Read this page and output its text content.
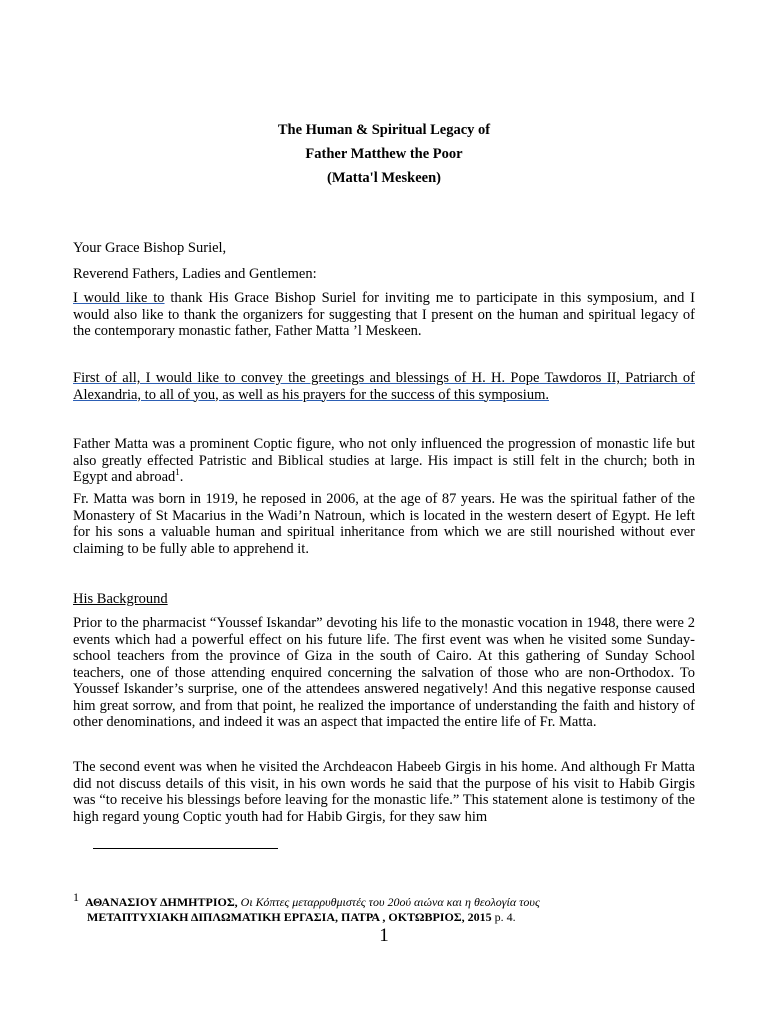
The Human & Spiritual Legacy of
Father Matthew the Poor
(Matta'l Meskeen)
Your Grace Bishop Suriel,
Reverend Fathers, Ladies and Gentlemen:

I would like to thank His Grace Bishop Suriel for inviting me to participate in this symposium, and I would also like to thank the organizers for suggesting that I present on the human and spiritual legacy of the contemporary monastic father, Father Matta ’l Meskeen.

First of all, I would like to convey the greetings and blessings of H. H. Pope Tawdoros II, Patriarch of Alexandria, to all of you, as well as his prayers for the success of this symposium.

Father Matta was a prominent Coptic figure, who not only influenced the progression of monastic life but also greatly effected Patristic and Biblical studies at large. His impact is still felt in the church; both in Egypt and abroad$^1$.

Fr. Matta was born in 1919, he reposed in 2006, at the age of 87 years. He was the spiritual father of the Monastery of St Macarius in the Wadi’n Natroun, which is located in the western desert of Egypt. He left for his sons a valuable human and spiritual inheritance from which we are still nourished without ever claiming to be fully able to apprehend it.

His Background

Prior to the pharmacist “Youssef Iskandar” devoting his life to the monastic vocation in 1948, there were 2 events which had a powerful effect on his future life. The first event was when he visited some Sunday-school teachers from the province of Giza in the south of Cairo. At this gathering of Sunday School teachers, one of those attending enquired concerning the salvation of those who are non-Orthodox. To Youssef Iskander’s surprise, one of the attendees answered negatively! And this negative response caused him great sorrow, and from that point, he realized the importance of understanding the faith and history of other denominations, and indeed it was an aspect that impacted the entire life of Fr. Matta.

The second event was when he visited the Archdeacon Habeeb Girgis in his home. And although Fr Matta did not discuss details of this visit, in his own words he said that the purpose of his visit to Habib Girgis was “to receive his blessings before leaving for the monastic life.” This statement alone is testimony of the high regard young Coptic youth had for Habib Girgis, for they saw him

1 ΑΘΑΝΑΣΙΟΥ ΔΗΜΗΤΡΙΟΣ, Οι Κόπτες μεταρρυθμιστές του 20ού αιώνα και η θεολογία τους
ΜΕΤΑΠΤΥΧΙΑΚΗ ΔΙΠΛΩΜΑΤΙΚΗ ΕΡΓΑΣΙΑ, ΠΑΤΡΑ , ΟΚΤΩΒΡΙΟΣ, 2015 p. 4.
1
